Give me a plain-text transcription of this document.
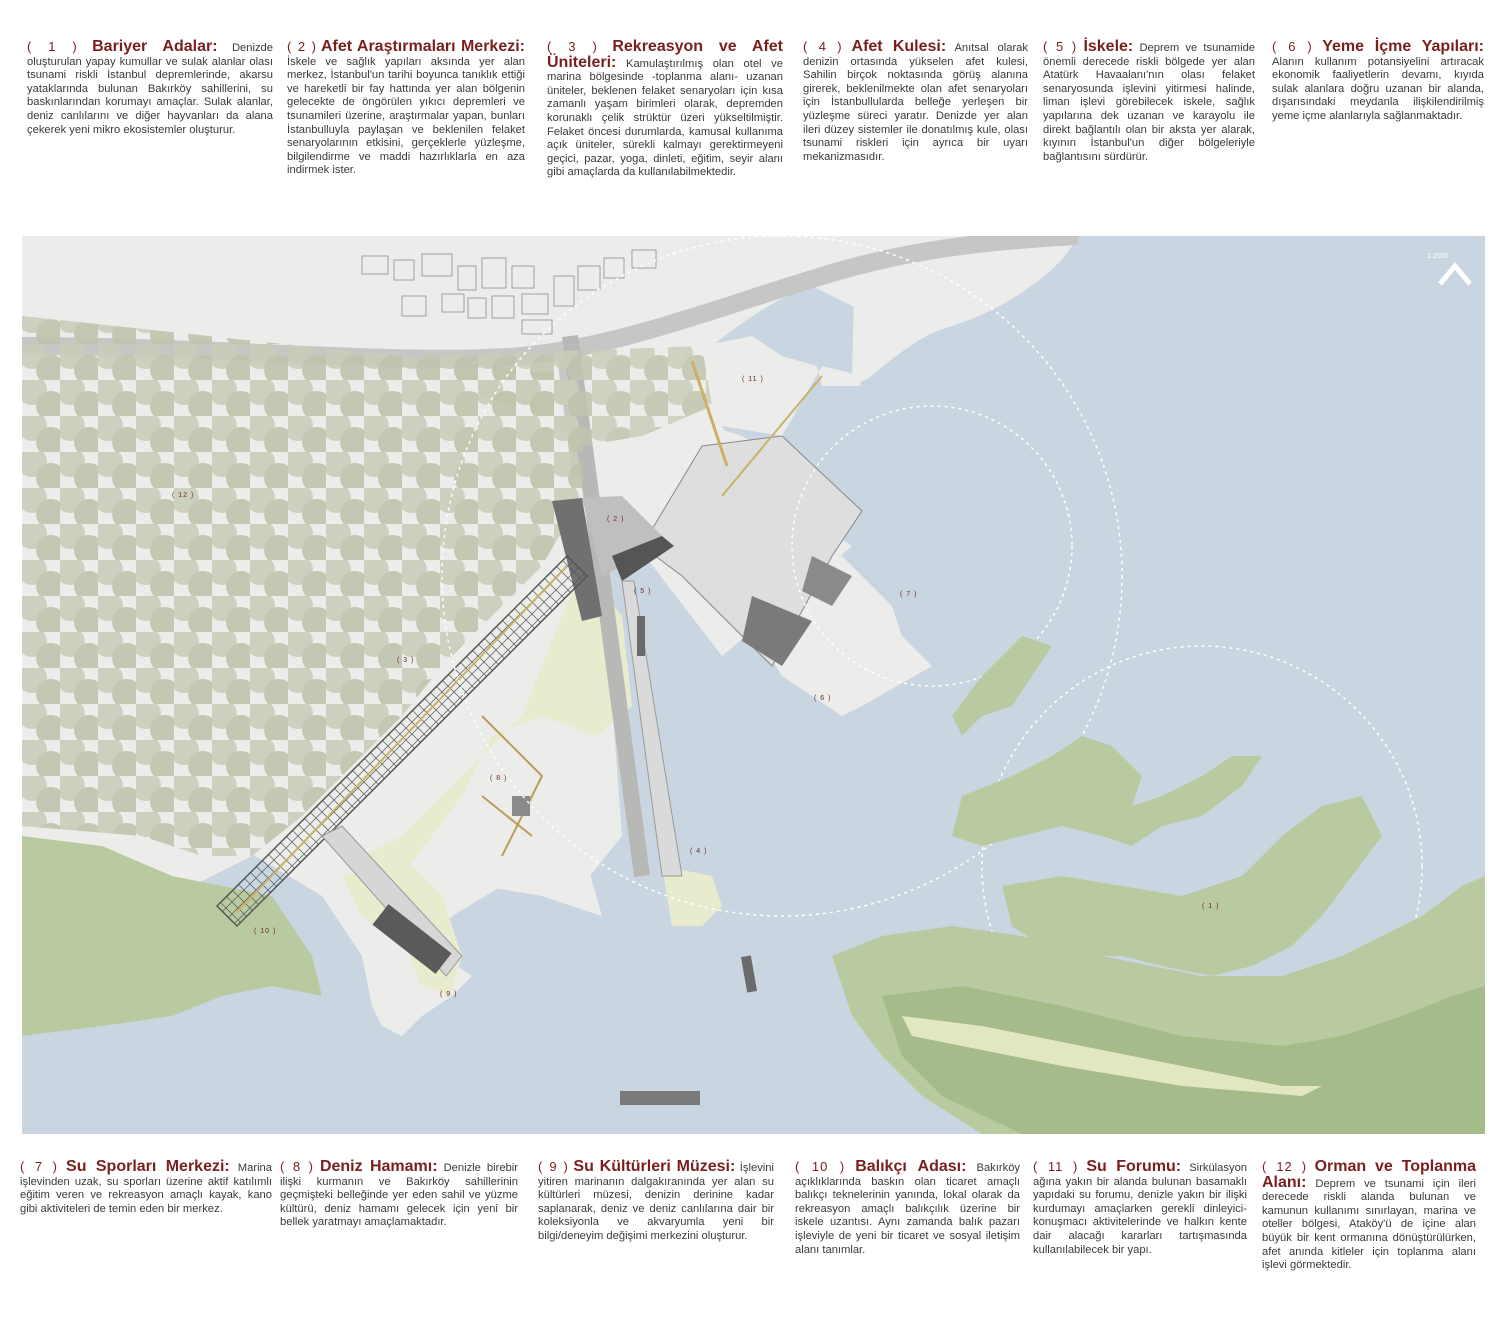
( 1 ) Bariyer Adalar: Denizde oluşturulan yapay kumullar ve sulak alanlar olası tsunami riskli İstanbul depremlerinde, akarsu yataklarında bulunan Bakırköy sahillerini, su baskınlarından korumayı amaçlar. Sulak alanlar, deniz canlılarını ve diğer hayvanları da alana çekerek yeni mikro ekosistemler oluşturur.
( 2 ) Afet Araştırmaları Merkezi: İskele ve sağlık yapıları aksında yer alan merkez, İstanbul'un tarihi boyunca tanıklık ettiği ve hareketli bir fay hattında yer alan bölgenin gelecekte de öngörülen yıkıcı depremleri ve tsunamileri üzerine, araştırmalar yapan, bunları İstanbulluyla paylaşan ve beklenilen felaket senaryolarının etkisini, gerçeklerle yüzleşme, bilgilendirme ve maddi hazırlıklarla en aza indirmek ister.
( 3 ) Rekreasyon ve Afet Üniteleri: Kamulaştırılmış olan otel ve marina bölgesinde -toplanma alanı- uzanan üniteler, beklenen felaket senaryoları için kısa zamanlı yaşam birimleri olarak, depremden korunaklı çelik strüktür üzeri yükseltilmiştir. Felaket öncesi durumlarda, kamusal kullanıma açık üniteler, sürekli kalmayı gerektirmeyeni geçici, pazar, yoga, dinleti, eğitim, seyir alanı gibi amaçlarda da kullanılabilmektedir.
( 4 ) Afet Kulesi: Anıtsal olarak denizin ortasında yükselen afet kulesi, Sahilin birçok noktasında görüş alanına girerek, beklenilmekte olan afet senaryoları için İstanbullularda belleğe yerleşen bir yüzleşme süreci yaratır. Denizde yer alan ileri düzey sistemler ile donatılmış kule, olası tsunami riskleri için ayrıca bir uyarı mekanizmasıdır.
( 5 ) İskele: Deprem ve tsunamide önemli derecede riskli bölgede yer alan Atatürk Havaalanı'nın olası felaket senaryosunda işlevini yitirmesi halinde, liman işlevi görebilecek iskele, sağlık yapılarına dek uzanan ve karayolu ile direkt bağlantılı olan bir aksta yer alarak, kıyının İstanbul'un diğer bölgeleriyle bağlantısını sürdürür.
( 6 ) Yeme İçme Yapıları: Alanın kullanım potansiyelini artıracak ekonomik faaliyetlerin devamı, kıyıda sulak alanlara doğru uzanan bir alanda, dışarısındaki meydanla ilişkilendirilmiş yeme içme alanlarıyla sağlanmaktadır.
1:2000
( 1 )
( 2 )
( 3 )
( 4 )
( 5 )
( 6 )
( 7 )
( 8 )
( 9 )
( 10 )
( 11 )
( 12 )
( 7 ) Su Sporları Merkezi: Marina işlevinden uzak, su sporları üzerine aktif katılımlı eğitim veren ve rekreasyon amaçlı kayak, kano gibi aktiviteleri de temin eden bir merkez.
( 8 ) Deniz Hamamı: Denizle birebir ilişki kurmanın ve Bakırköy sahillerinin geçmişteki belleğinde yer eden sahil ve yüzme kültürü, deniz hamamı gelecek için yeni bir bellek yaratmayı amaçlamaktadır.
( 9 ) Su Kültürleri Müzesi: İşlevini yitiren marinanın dalgakıranında yer alan su kültürleri müzesi, denizin derinine kadar saplanarak, deniz ve deniz canlılarına dair bir koleksiyonla ve akvaryumla yeni bir bilgi/deneyim değişimi merkezini oluşturur.
( 10 ) Balıkçı Adası: Bakırköy açıklıklarında baskın olan ticaret amaçlı balıkçı teknelerinin yanında, lokal olarak da rekreasyon amaçlı balıkçılık üzerine bir iskele uzantısı. Aynı zamanda balık pazarı işleviyle de yeni bir ticaret ve sosyal iletişim alanı tanımlar.
( 11 ) Su Forumu: Sirkülasyon ağına yakın bir alanda bulunan basamaklı yapıdaki su forumu, denizle yakın bir ilişki kurdumayı amaçlarken gerekli dinleyici-konuşmacı aktivitelerinde ve halkın kente dair alacağı kararları tartışmasında kullanılabilecek bir yapı.
( 12 ) Orman ve Toplanma Alanı: Deprem ve tsunami için ileri derecede riskli alanda bulunan ve kamunun kullanımı sınırlayan, marina ve oteller bölgesi, Ataköy'ü de içine alan büyük bir kent ormanına dönüştürülürken, afet anında kitleler için toplanma alanı işlevi görmektedir.
